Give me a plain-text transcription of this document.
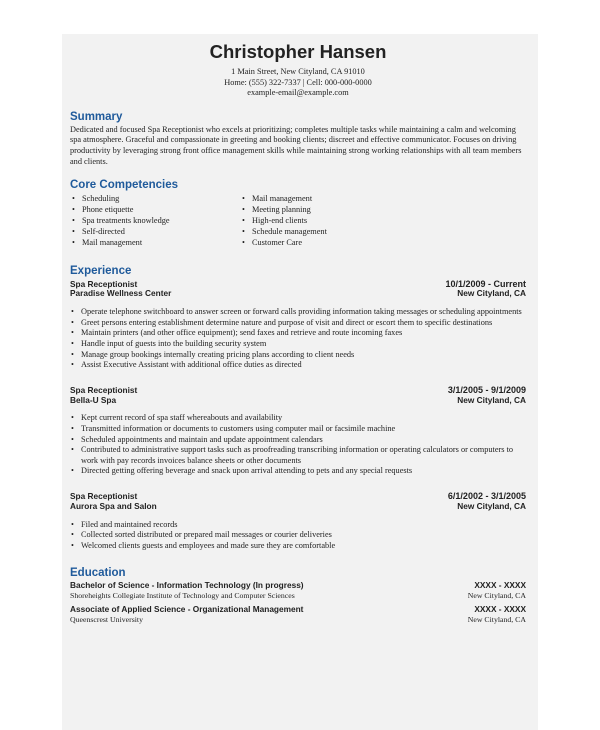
Christopher Hansen
1 Main Street, New Cityland, CA 91010
Home: (555) 322-7337 | Cell: 000-000-0000
example-email@example.com
Summary
Dedicated and focused Spa Receptionist who excels at prioritizing; completes multiple tasks while maintaining a calm and welcoming spa atmosphere. Graceful and compassionate in greeting and booking clients; discreet and effective communicator. Focuses on driving productivity by leveraging strong front office management skills while maintaining strong working relationships with all team members and clients.
Core Competencies
• Scheduling
• Phone etiquette
• Spa treatments knowledge
• Self-directed
• Mail management
• Mail management
• Meeting planning
• High-end clients
• Schedule management
• Customer Care
Experience
Spa Receptionist
Paradise Wellness Center
10/1/2009 - Current
New Cityland, CA
• Operate telephone switchboard to answer screen or forward calls providing information taking messages or scheduling appointments
• Greet persons entering establishment determine nature and purpose of visit and direct or escort them to specific destinations
• Maintain printers (and other office equipment); send faxes and retrieve and route incoming faxes
• Handle input of guests into the building security system
• Manage group bookings internally creating pricing plans according to client needs
• Assist Executive Assistant with additional office duties as directed
Spa Receptionist
Bella-U Spa
3/1/2005 - 9/1/2009
New Cityland, CA
• Kept current record of spa staff whereabouts and availability
• Transmitted information or documents to customers using computer mail or facsimile machine
• Scheduled appointments and maintain and update appointment calendars
• Contributed to administrative support tasks such as proofreading transcribing information or operating calculators or computers to work with pay records invoices balance sheets or other documents
• Directed getting offering beverage and snack upon arrival attending to pets and any special requests
Spa Receptionist
Aurora Spa and Salon
6/1/2002 - 3/1/2005
New Cityland, CA
• Filed and maintained records
• Collected sorted distributed or prepared mail messages or courier deliveries
• Welcomed clients guests and employees and made sure they are comfortable
Education
Bachelor of Science - Information Technology (In progress)
Shoreheights Collegiate Institute of Technology and Computer Sciences
XXXX - XXXX
New Cityland, CA
Associate of Applied Science - Organizational Management
Queenscrest University
XXXX - XXXX
New Cityland, CA
